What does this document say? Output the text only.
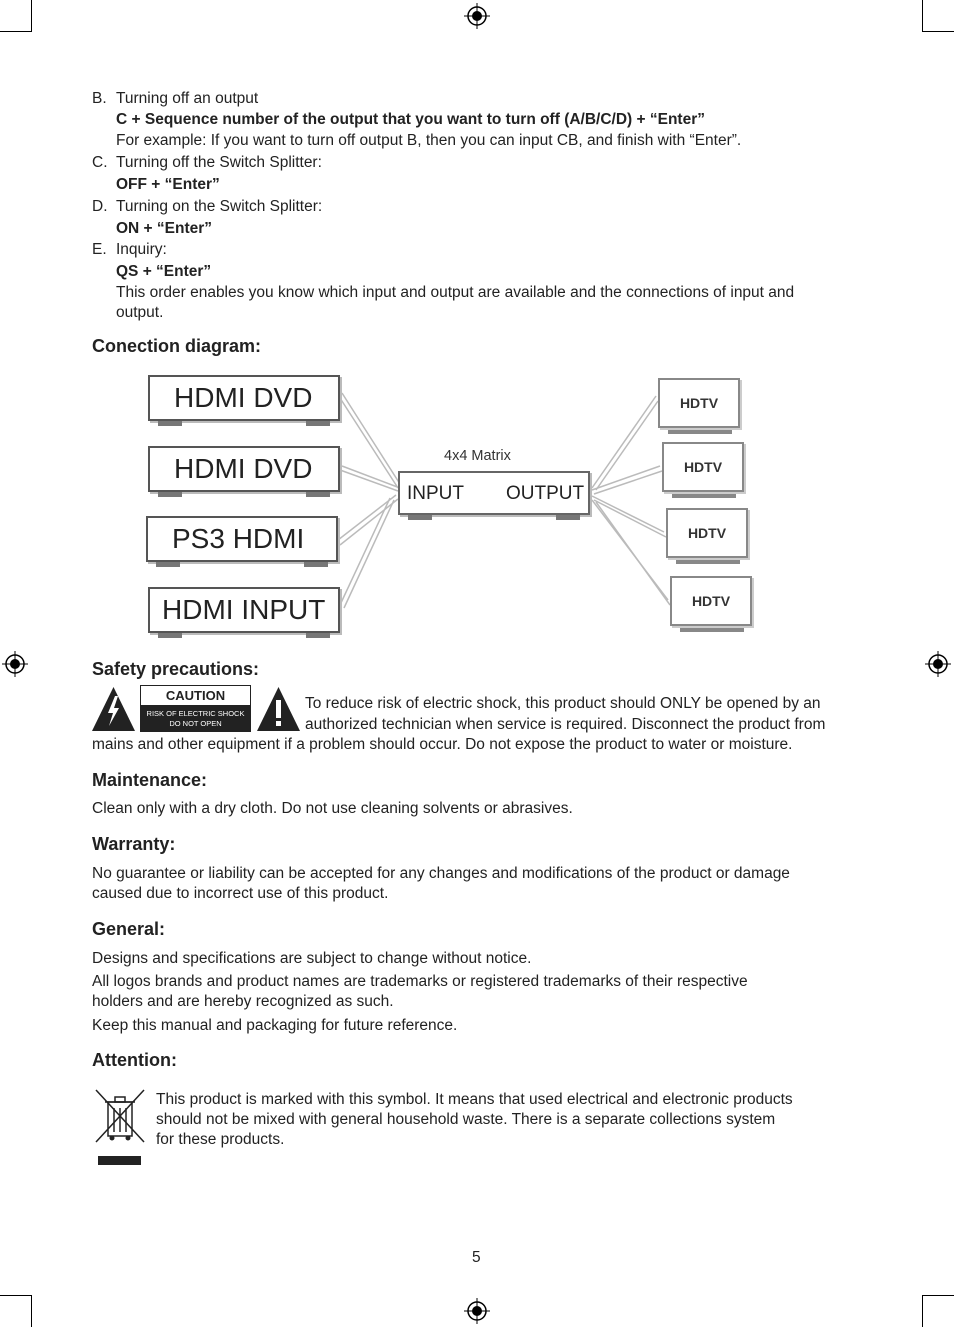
B. Turning off an output
C + Sequence number of the output that you want to turn off (A/B/C/D) + “Enter”
For example: If you want to turn off output B, then you can input CB, and finish with “Enter”.
C. Turning off the Switch Splitter:
OFF + “Enter”
D. Turning on the Switch Splitter:
ON + “Enter”
E. Inquiry:
QS + “Enter”
This order enables you know which input and output are available and the connections of input and
output.
Conection diagram:
HDMI DVD
HDMI DVD
PS3 HDMI
HDMI INPUT
4x4 Matrix
INPUT OUTPUT
HDTV
HDTV
HDTV
HDTV
Safety precautions:
CAUTION
RISK OF ELECTRIC SHOCK
DO NOT OPEN
To reduce risk of electric shock, this product should ONLY be opened by an
authorized technician when service is required. Disconnect the product from
mains and other equipment if a problem should occur. Do not expose the product to water or moisture.
Maintenance:
Clean only with a dry cloth. Do not use cleaning solvents or abrasives.
Warranty:
No guarantee or liability can be accepted for any changes and modifications of the product or damage
caused due to incorrect use of this product.
General:
Designs and specifications are subject to change without notice.
All logos brands and product names are trademarks or registered trademarks of their respective
holders and are hereby recognized as such.
Keep this manual and packaging for future reference.
Attention:
This product is marked with this symbol. It means that used electrical and electronic products
should not be mixed with general household waste. There is a separate collections system
for these products.
5
